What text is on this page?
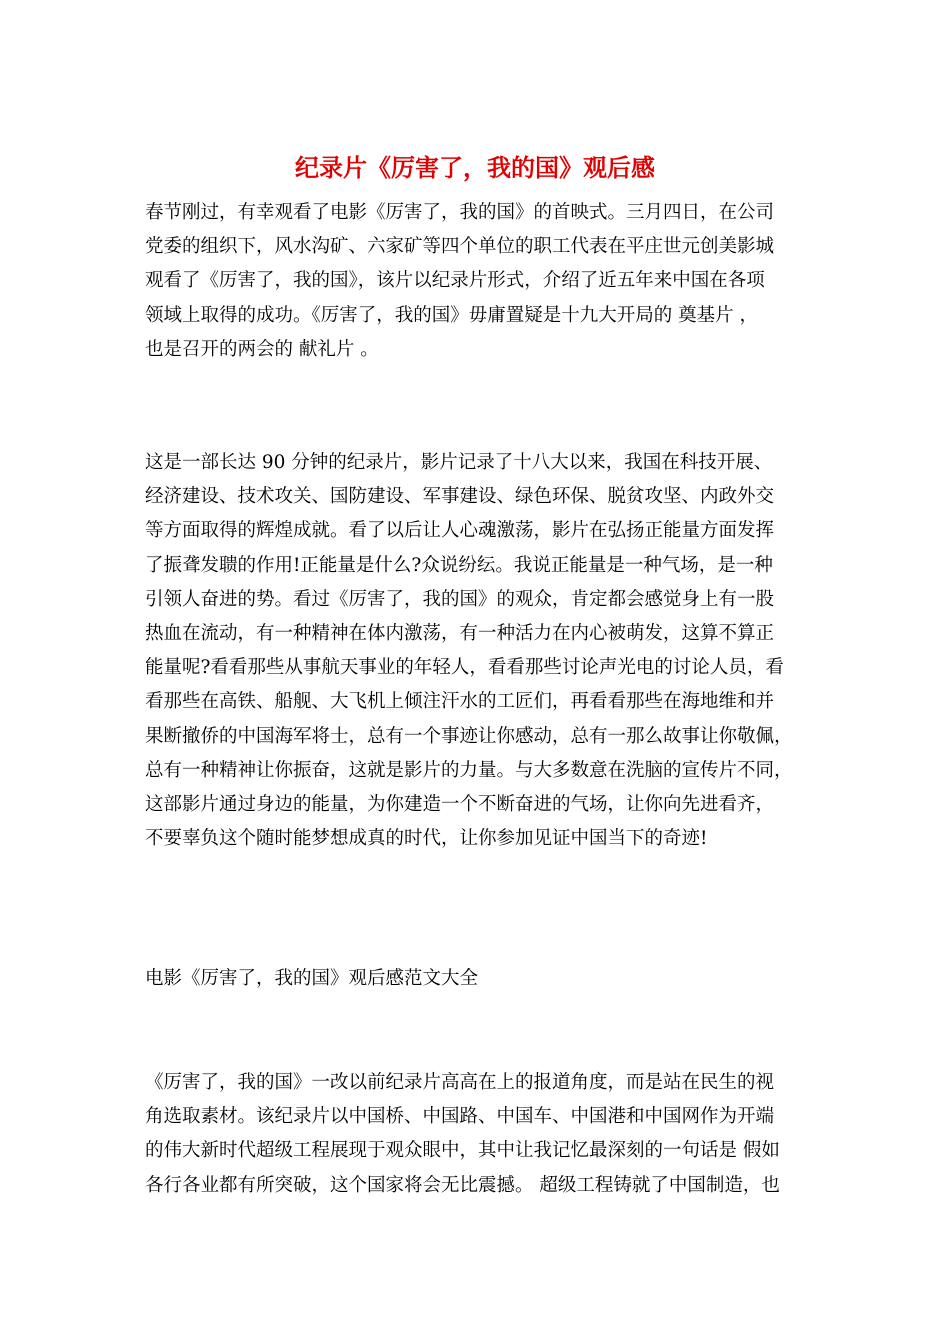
纪录片《厉害了，我的国》观后感
春节刚过，有幸观看了电影《厉害了，我的国》的首映式。三月四日，在公司
党委的组织下，风水沟矿、六家矿等四个单位的职工代表在平庄世元创美影城
观看了《厉害了，我的国》，该片以纪录片形式，介绍了近五年来中国在各项
领域上取得的成功。《厉害了，我的国》毋庸置疑是十九大开局的 奠基片 ，
也是召开的两会的 献礼片 。
这是一部长达 90 分钟的纪录片，影片记录了十八大以来，我国在科技开展、
经济建设、技术攻关、国防建设、军事建设、绿色环保、脱贫攻坚、内政外交
等方面取得的辉煌成就。看了以后让人心魂激荡，影片在弘扬正能量方面发挥
了振聋发聩的作用!正能量是什么?众说纷纭。我说正能量是一种气场，是一种
引领人奋进的势。看过《厉害了，我的国》的观众，肯定都会感觉身上有一股
热血在流动，有一种精神在体内激荡，有一种活力在内心被萌发，这算不算正
能量呢?看看那些从事航天事业的年轻人，看看那些讨论声光电的讨论人员，看
看那些在高铁、船舰、大飞机上倾注汗水的工匠们，再看看那些在海地维和并
果断撤侨的中国海军将士，总有一个事迹让你感动，总有一那么故事让你敬佩，
总有一种精神让你振奋，这就是影片的力量。与大多数意在洗脑的宣传片不同，
这部影片通过身边的能量，为你建造一个不断奋进的气场，让你向先进看齐，
不要辜负这个随时能梦想成真的时代，让你参加见证中国当下的奇迹!
电影《厉害了，我的国》观后感范文大全
《厉害了，我的国》一改以前纪录片高高在上的报道角度，而是站在民生的视
角选取素材。该纪录片以中国桥、中国路、中国车、中国港和中国网作为开端
的伟大新时代超级工程展现于观众眼中，其中让我记忆最深刻的一句话是 假如
各行各业都有所突破，这个国家将会无比震撼。 超级工程铸就了中国制造，也
